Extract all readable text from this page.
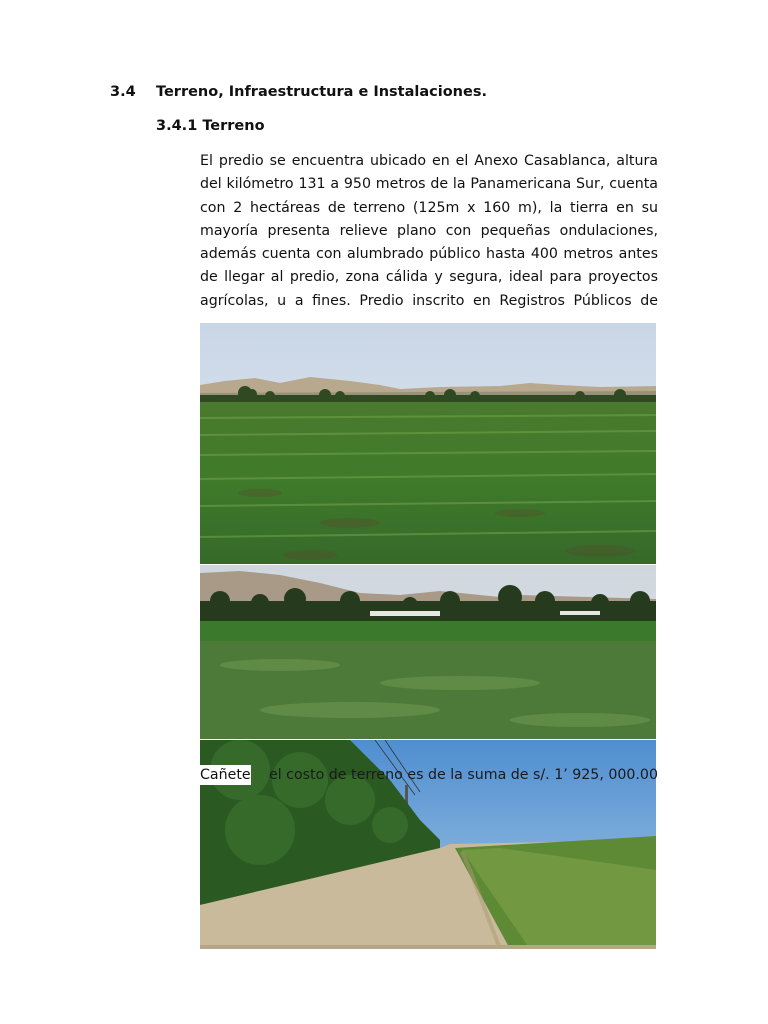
3.4 Terreno, Infraestructura e Instalaciones.
3.4.1 Terreno
El predio se encuentra ubicado en el Anexo Casablanca, altura
del kilómetro 131 a 950 metros de la Panamericana Sur, cuenta
con 2 hectáreas de terreno (125m x 160 m), la tierra en su
mayoría presenta relieve plano con pequeñas ondulaciones,
además cuenta con alumbrado público hasta 400 metros antes
de llegar al predio, zona cálida y segura, ideal para proyectos
agrícolas, u a fines. Predio inscrito en Registros Públicos de
Cañete el costo de terreno es de la suma de s/. 1’ 925, 000.00
